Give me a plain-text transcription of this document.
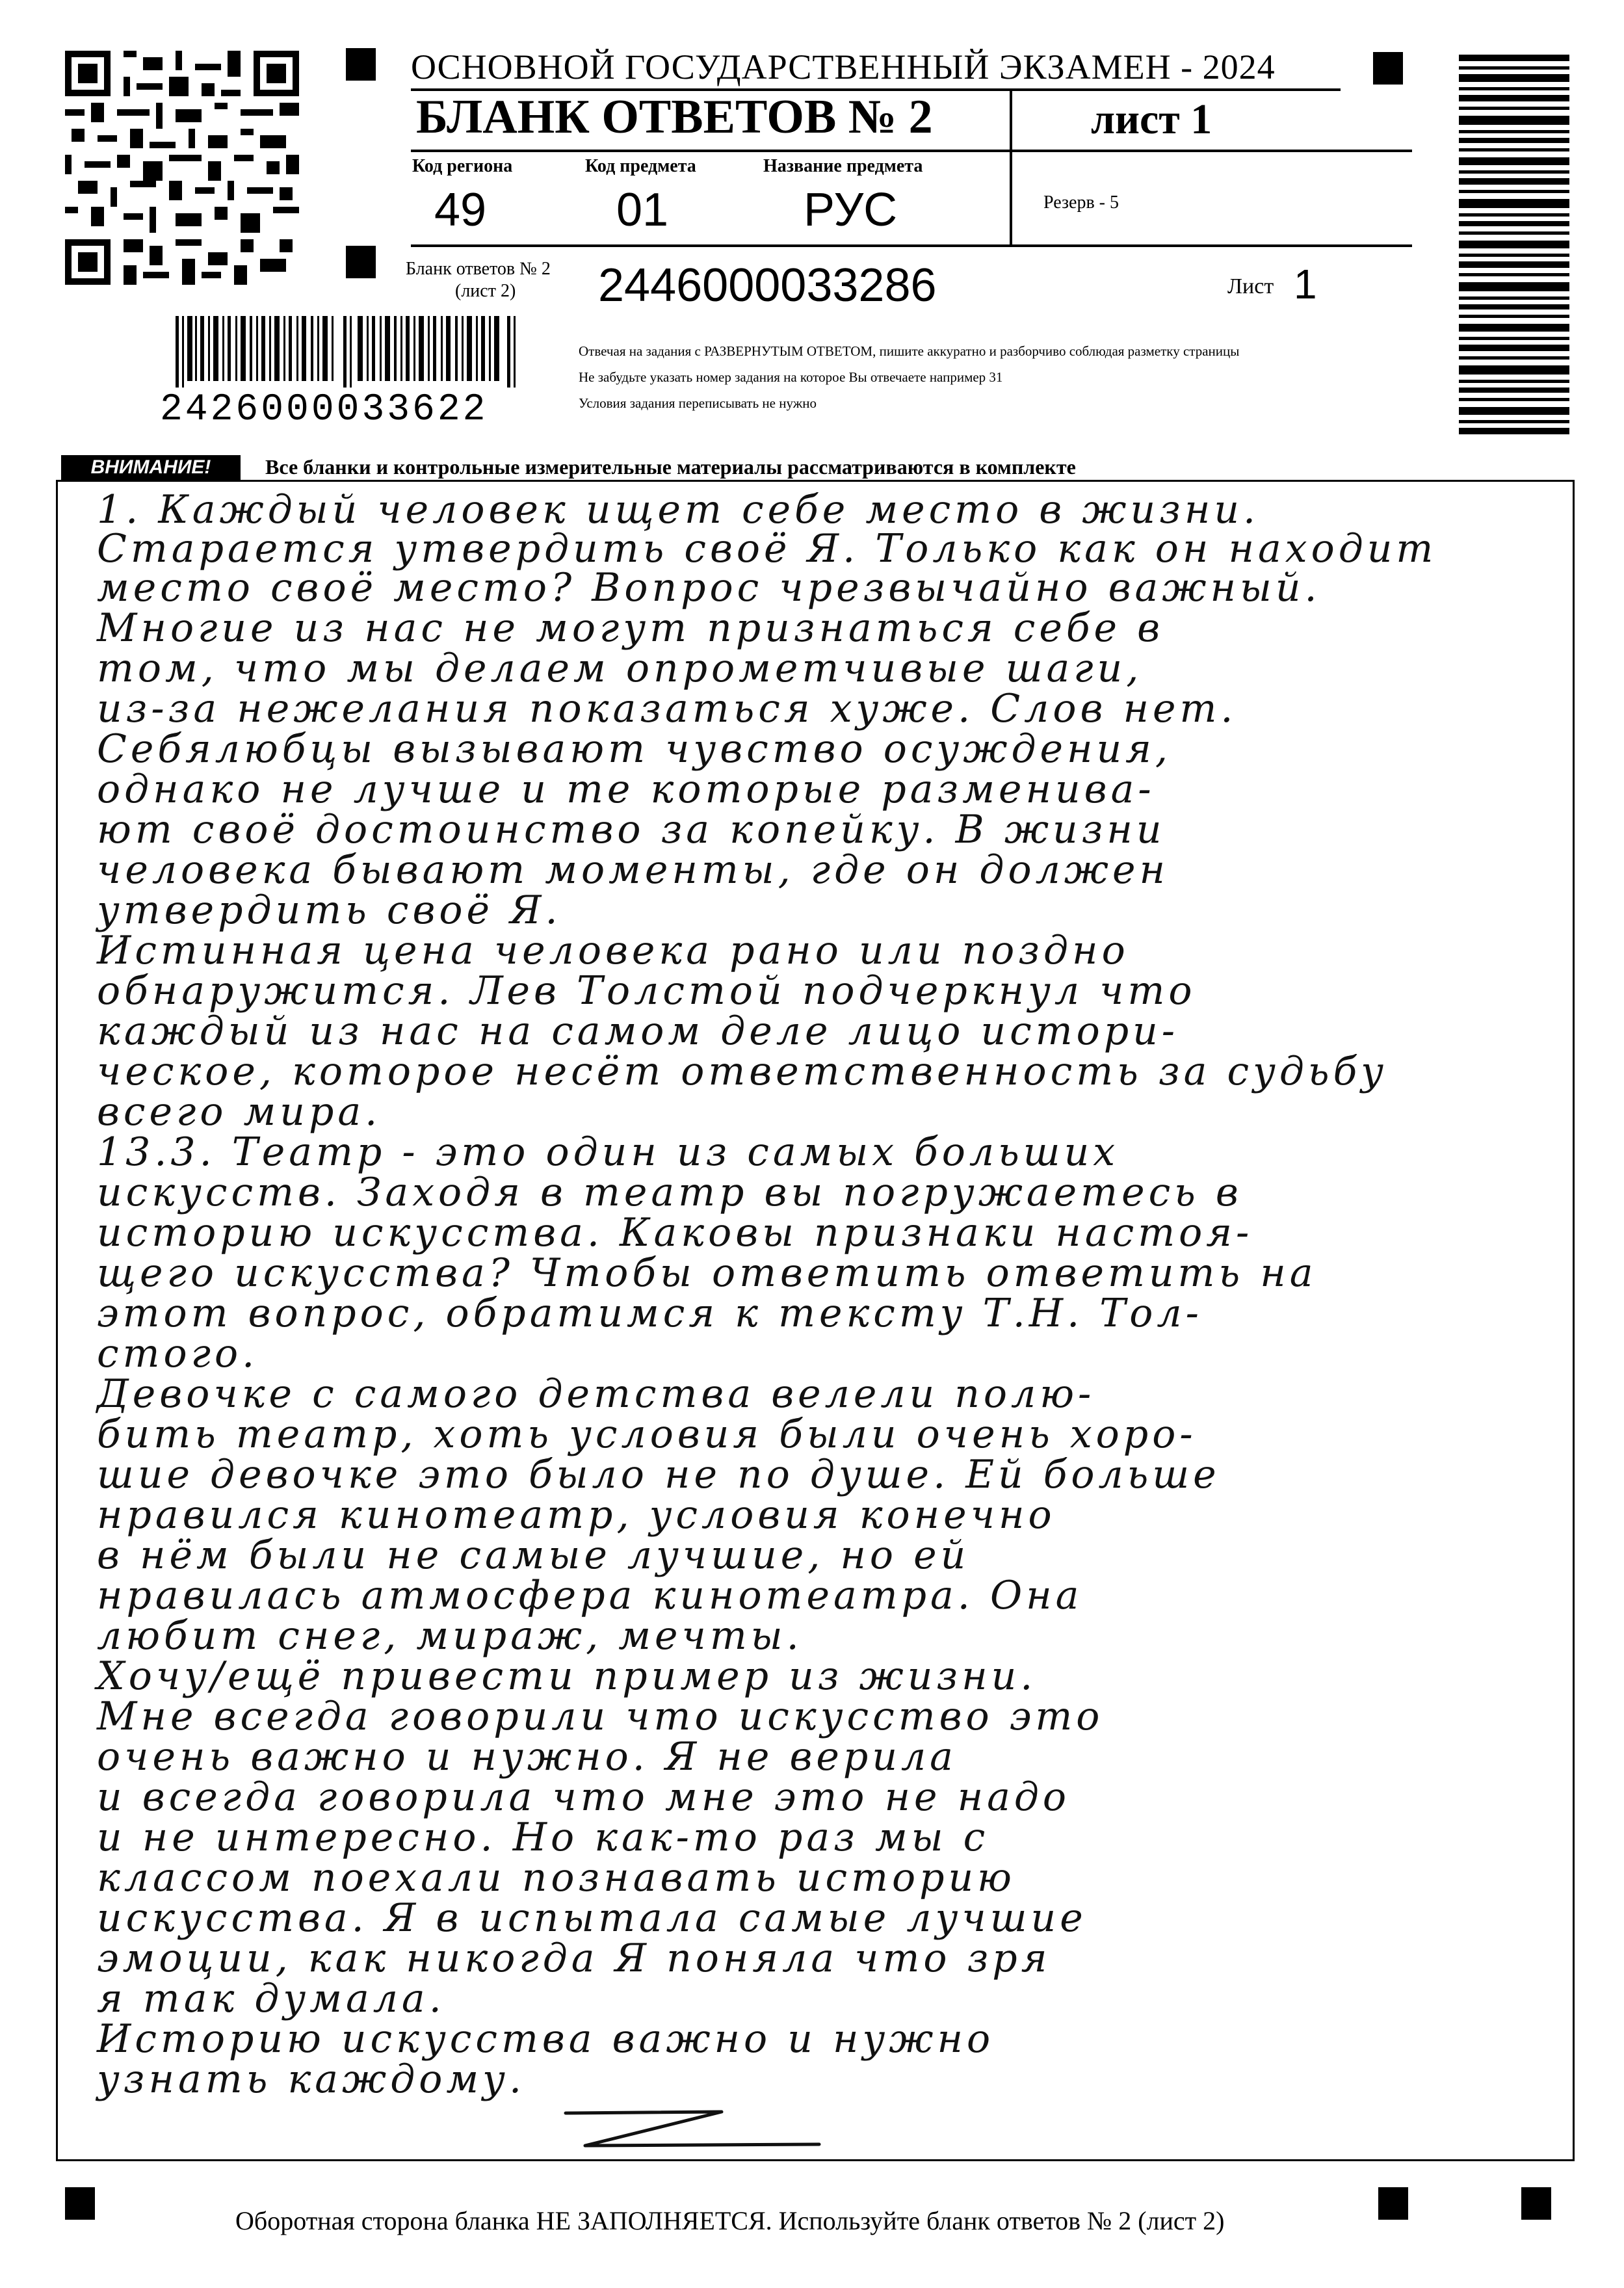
ОСНОВНОЙ ГОСУДАРСТВЕННЫЙ ЭКЗАМЕН - 2024
БЛАНК ОТВЕТОВ № 2	лист 1
Код региона
49
Код предмета
01
Название предмета
РУС	Резерв - 5
Бланк ответов № 2
(лист 2) 2446000033286	Лист 1
Отвечая на задания с РАЗВЕРНУТЫМ ОТВЕТОМ, пишите аккуратно и разборчиво соблюдая разметку страницы
Не забудьте указать номер задания на которое Вы отвечаете например 31
Условия задания переписывать не нужно
2426000033622
ВНИМАНИЕ!	Все бланки и контрольные измерительные материалы рассматриваются в комплекте
1. Каждый человек ищет себе место в жизни.
Старается утвердить своё Я. Только как он находит
место своё место? Вопрос чрезвычайно важный.
Многие из нас не могут признаться себе в
том, что мы делаем опрометчивые шаги,
из-за нежелания показаться хуже. Слов нет.
Себялюбцы вызывают чувство осуждения,
однако не лучше и те которые разменива-
ют своё достоинство за копейку. В жизни
человека бывают моменты, где он должен
утвердить своё Я.
Истинная цена человека рано или поздно
обнаружится. Лев Толстой подчеркнул что
каждый из нас на самом деле лицо истори-
ческое, которое несёт ответственность за судьбу
всего мира.
13.3. Театр - это один из самых больших
искусств. Заходя в театр вы погружаетесь в
историю искусства. Каковы признаки настоя-
щего искусства? Чтобы ответить ответить на
этот вопрос, обратимся к тексту Т.Н. Тол-
стого.
Девочке с самого детства велели полю-
бить театр, хоть условия были очень хоро-
шие девочке это было не по душе. Ей больше
нравился кинотеатр, условия конечно
в нём были не самые лучшие, но ей
нравилась атмосфера кинотеатра. Она
любит снег, мираж, мечты.
Хочу/ещё привести пример из жизни.
Мне всегда говорили что искусство это
очень важно и нужно. Я не верила
и всегда говорила что мне это не надо
и не интересно. Но как-то раз мы с
классом поехали познавать историю
искусства. Я в испытала самые лучшие
эмоции, как никогда Я поняла что зря
я так думала.
Историю искусства важно и нужно
узнать каждому.
Оборотная сторона бланка НЕ ЗАПОЛНЯЕТСЯ. Используйте бланк ответов № 2 (лист 2)
